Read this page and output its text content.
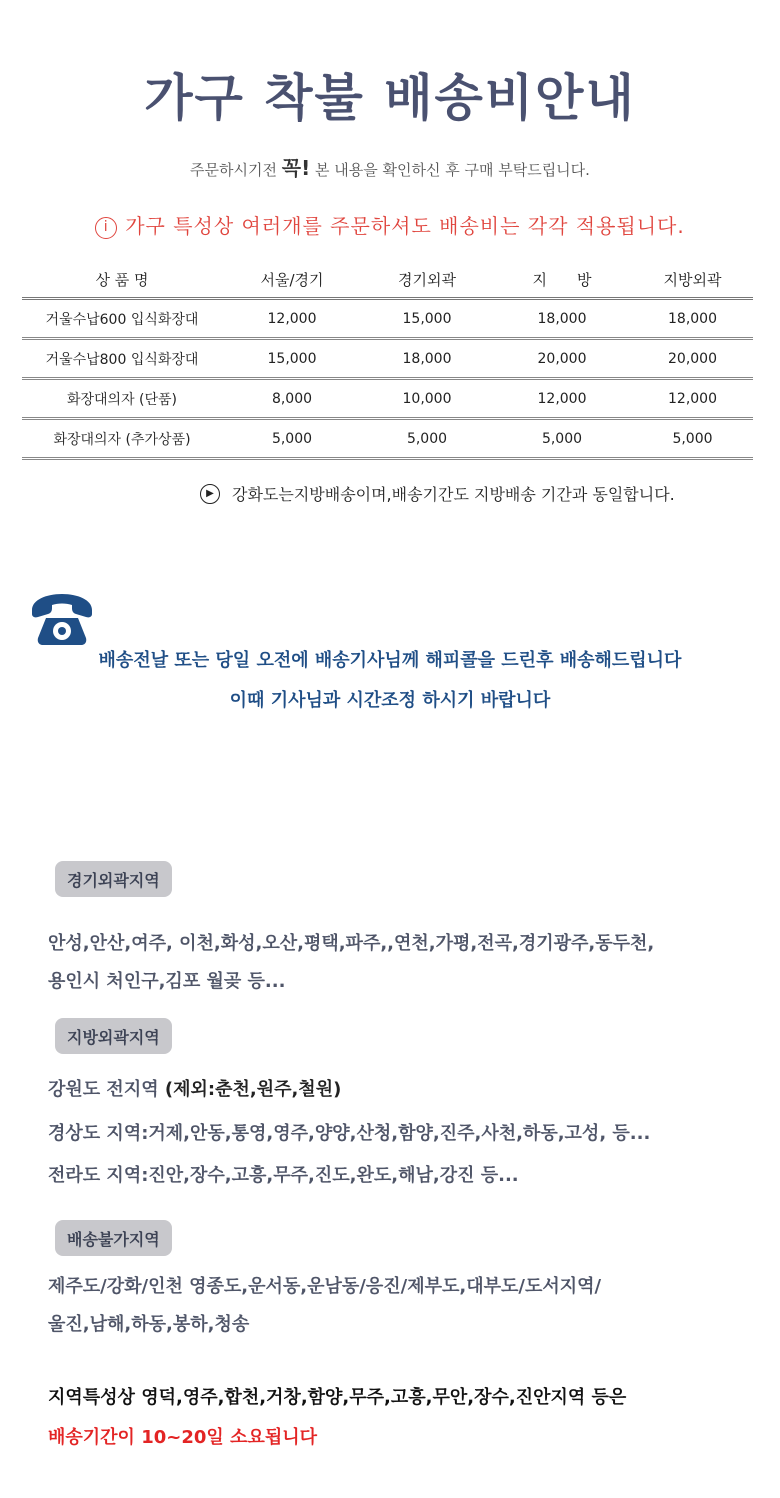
가구 착불 배송비안내
주문하시기전 꼭! 본 내용을 확인하신 후 구매 부탁드립니다.
i 가구 특성상 여러개를 주문하셔도 배송비는 각각 적용됩니다.
상 품 명	서울/경기	경기외곽	지　　방	지방외곽
거울수납600 입식화장대	12,000	15,000	18,000	18,000
거울수납800 입식화장대	15,000	18,000	20,000	20,000
화장대의자 (단품)	8,000	10,000	12,000	12,000
화장대의자 (추가상품)	5,000	5,000	5,000	5,000
▶	강화도는지방배송이며,배송기간도 지방배송 기간과 동일합니다.
배송전날 또는 당일 오전에 배송기사님께 해피콜을 드린후 배송해드립니다
이때 기사님과 시간조정 하시기 바랍니다
경기외곽지역
안성,안산,여주, 이천,화성,오산,평택,파주,,연천,가평,전곡,경기광주,동두천,
용인시 처인구,김포 월곶 등...
지방외곽지역
강원도 전지역 (제외:춘천,원주,철원)
경상도 지역:거제,안동,통영,영주,양양,산청,함양,진주,사천,하동,고성, 등...
전라도 지역:진안,장수,고흥,무주,진도,완도,해남,강진 등...
배송불가지역
제주도/강화/인천 영종도,운서동,운남동/응진/제부도,대부도/도서지역/
울진,남해,하동,봉하,청송
지역특성상 영덕,영주,합천,거창,함양,무주,고흥,무안,장수,진안지역 등은
배송기간이 10~20일 소요됩니다
